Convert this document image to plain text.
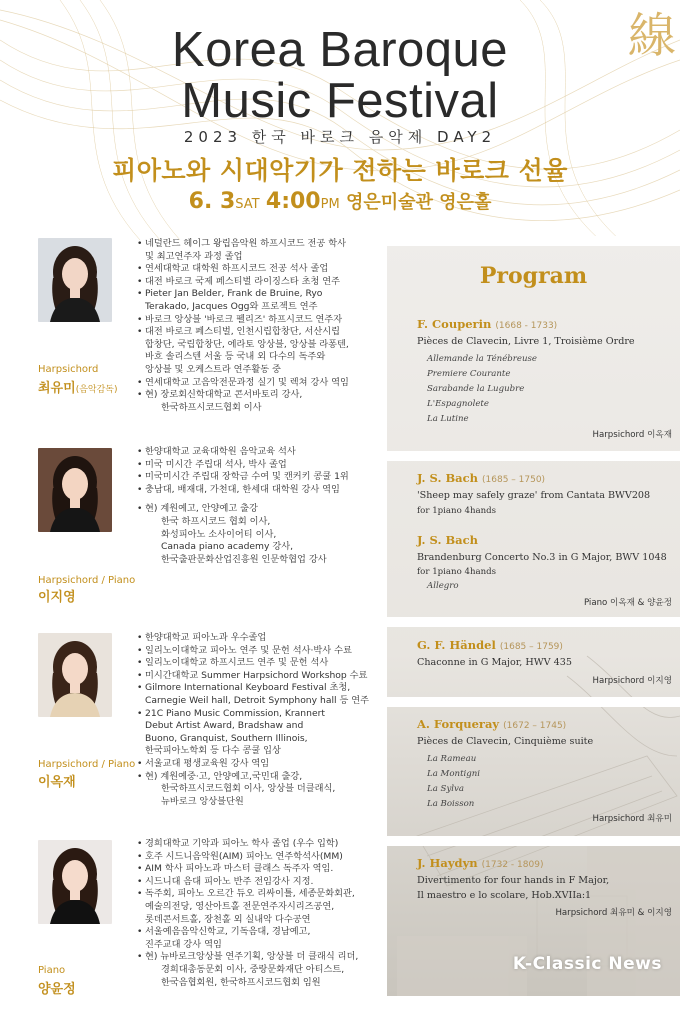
線
Korea Baroque
Music Festival
2023 한국 바로크 음악제 DAY2
피아노와 시대악기가 전하는 바로크 선율
6. 3SAT 4:00PM 영은미술관 영은홀
Harpsichord
최유미(음악감독)
• 네덜란드 헤이그 왕립음악원 하프시코드 전공 학사
및 최고연주자 과정 졸업
• 연세대학교 대학원 하프시코드 전공 석사 졸업
• 대전 바로크 국제 페스티벌 라이징스타 초청 연주
• Pieter Jan Belder, Frank de Bruine, Ryo
Terakado, Jacques Ogg와 프로젝트 연주
• 바로크 앙상블 '바로크 펠리즈' 하프시코드 연주자
• 대전 바로크 페스티벌, 인천시립합창단, 서산시립
합창단, 국립합창단, 에라토 앙상블, 앙상블 라퐁텐,
바흐 솔리스텐 서울 등 국내 외 다수의 독주와
앙상블 및 오케스트라 연주활동 중
• 연세대학교 고음악전문과정 실기 및 렉쳐 강사 역임
• 현) 장로회신학대학교 콘서바토리 강사,
한국하프시코드협회 이사
Harpsichord / Piano
이지영
• 한양대학교 교육대학원 음악교육 석사
• 미국 미시간 주립대 석사, 박사 졸업
• 미국미시간 주립대 장학금 수여 및 캔커키 콩쿨 1위
• 충남대, 배재대, 가천대, 한세대 대학원 강사 역임
• 현) 계원예고, 안양예고 출강
한국 하프시코드 협회 이사,
화성피아노 소사이어티 이사,
Canada piano academy 강사,
한국출판문화산업진흥원 인문학협업 강사
Harpsichord / Piano
이옥재
• 한양대학교 피아노과 우수졸업
• 일리노이대학교 피아노 연주 및 문헌 석사·박사 수료
• 일리노이대학교 하프시코드 연주 및 문헌 석사
• 미시간대학교 Summer Harpsichord Workshop 수료
• Gilmore International Keyboard Festival 초청,
Carnegie Weil hall, Detroit Symphony hall 등 연주
• 21C Piano Music Commission, Krannert
Debut Artist Award, Bradshaw and
Buono, Granquist, Southern Illinois,
한국피아노학회 등 다수 콩쿨 입상
• 서울교대 평생교육원 강사 역임
• 현) 계원예중·고, 안양예고,국민대 출강,
한국하프시코드협회 이사, 앙상블 더클래식,
뉴바로크 앙상블단원
Piano
양윤정
• 경희대학교 기악과 피아노 학사 졸업 (우수 입학)
• 호주 시드니음악원(AIM) 피아노 연주학석사(MM)
• AIM 학사 피아노과 마스터 클래스 독주자 역임.
• 시드니대 음대 피아노 반주 전임강사 지정.
• 독주회, 피아노 오르간 듀오 리싸이틀, 세종문화회관,
예술의전당, 영산아트홀 전문연주자시리즈공연,
롯데콘서트홀, 장천홀 외 실내악 다수공연
• 서울예음음악신학교, 기독음대, 경남예고,
진주교대 강사 역임
• 현) 뉴바로크앙상블 연주기획, 앙상블 더 클래식 리더,
경희대총동문회 이사, 중랑문화재단 아티스트,
한국음협회원, 한국하프시코드협회 임원
Program
F. Couperin (1668 - 1733)
Pièces de Clavecin, Livre 1, Troisième Ordre
Allemande la Ténébreuse
Premiere Courante
Sarabande la Lugubre
L'Espagnolete
La Lutine
Harpsichord 이옥재
J. S. Bach (1685 – 1750)
'Sheep may safely graze' from Cantata BWV208
for 1piano 4hands
J. S. Bach
Brandenburg Concerto No.3 in G Major, BWV 1048
for 1piano 4hands
Allegro
Piano 이옥재 & 양윤정
G. F. Händel (1685 – 1759)
Chaconne in G Major, HWV 435
Harpsichord 이지영
A. Forqueray (1672 – 1745)
Pièces de Clavecin, Cinquième suite
La Rameau
La Montigni
La Sylva
La Boisson
Harpsichord 최유미
J. Haydyn (1732 - 1809)
Divertimento for four hands in F Major,
Il maestro e lo scolare, Hob.XVIIa:1
Harpsichord 최유미 & 이지영
K-Classic News
